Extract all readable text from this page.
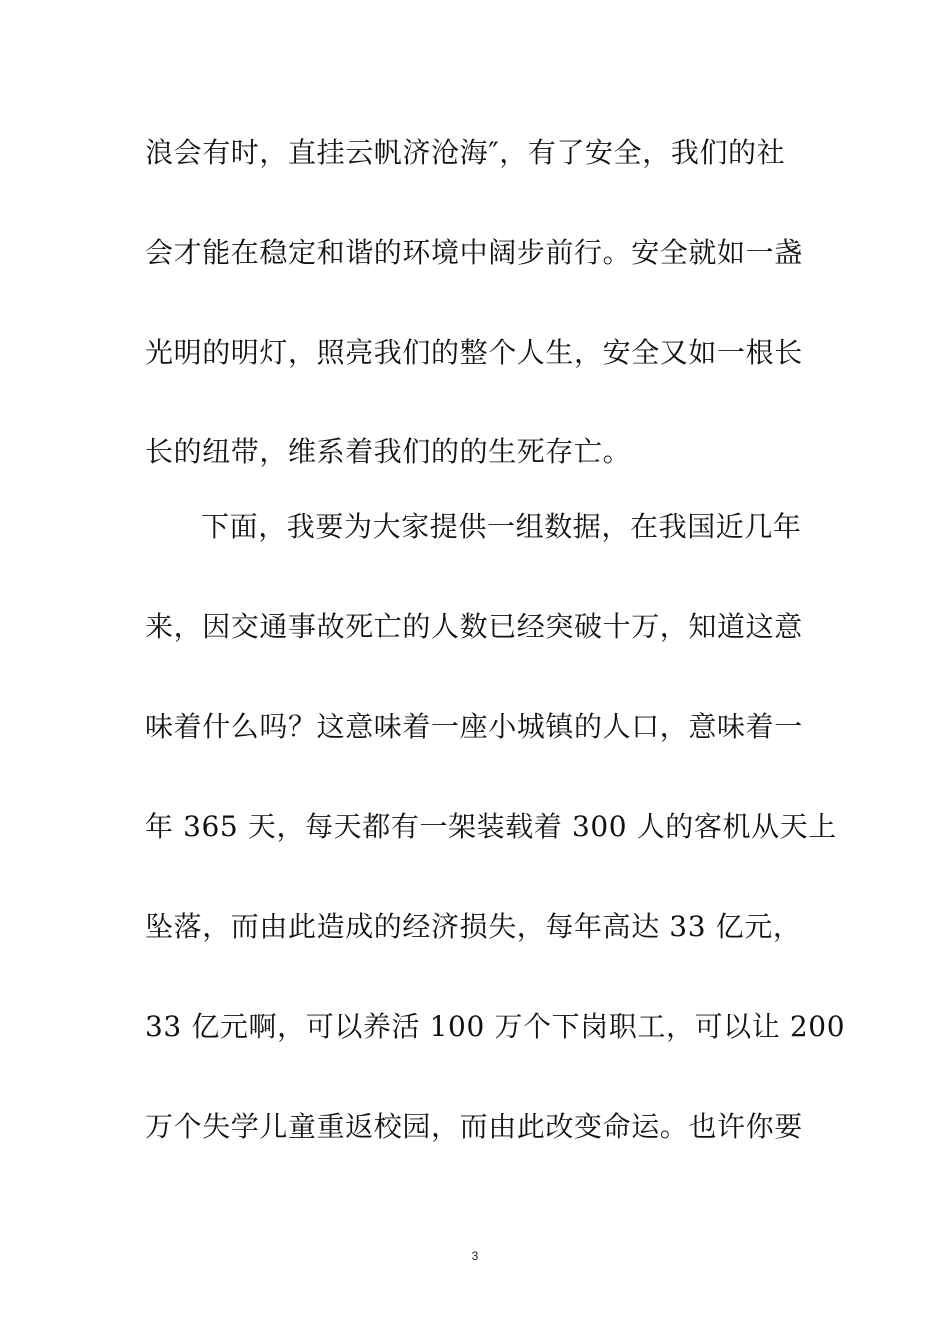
浪会有时，直挂云帆济沧海″，有了安全，我们的社
会才能在稳定和谐的环境中阔步前行。安全就如一盏
光明的明灯，照亮我们的整个人生，安全又如一根长
长的纽带，维系着我们的的生死存亡。
下面，我要为大家提供一组数据，在我国近几年
来，因交通事故死亡的人数已经突破十万，知道这意
味着什么吗？这意味着一座小城镇的人口，意味着一
年 365 天，每天都有一架装载着 300 人的客机从天上
坠落，而由此造成的经济损失，每年高达 33 亿元，
33 亿元啊，可以养活 100 万个下岗职工，可以让 200
万个失学儿童重返校园，而由此改变命运。也许你要
3
